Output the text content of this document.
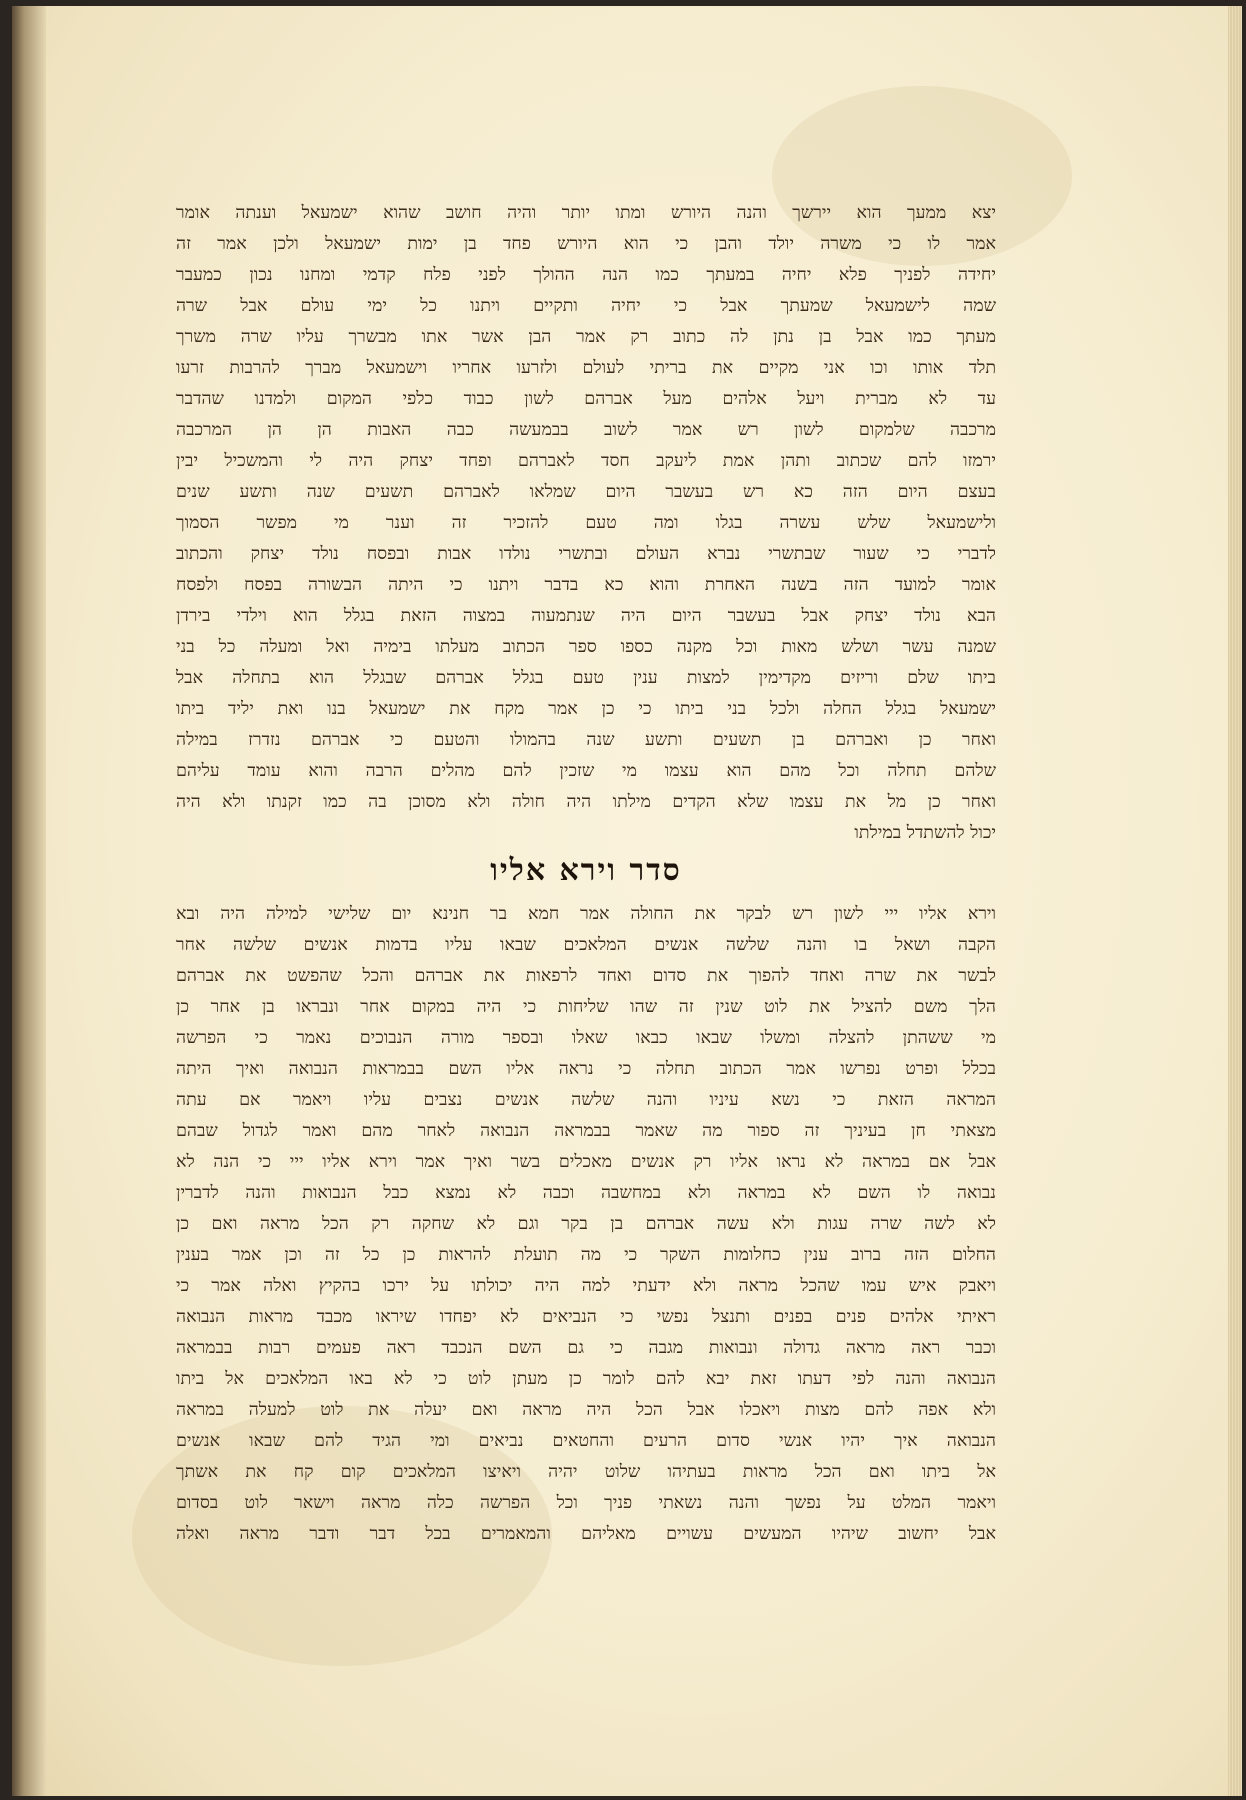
יצא ממעך הוא יירשך והנה היורש ומתו יותר והיה חושב שהוא ישמעאל וענתה אומר
אמר לו כי משרה יולד והבן כי הוא היורש פחד בן ימות ישמעאל ולכן אמר זה
יחידה לפניך פלא יחיה במעתך כמו הנה ההולך לפני פלח קדמי ומחנו נכון כמעבר
שמה לישמעאל שמעתך אבל כי יחיה ותקיים ויתנו כל ימי עולם אבל שרה
מעתך כמו אבל בן נתן לה כתוב רק אמר הבן אשר אתו מבשרך עליו שרה משרך
תלד אותו וכו אני מקיים את בריתי לעולם ולזרעו אחריו וישמעאל מברך להרבות זרעו
עד לא מברית ויעל אלהים מעל אברהם לשון כבוד כלפי המקום ולמדנו שהדבר
מרכבה שלמקום לשון רש אמר לשוב בבמעשה כבה האבות הן הן המרכבה
ירמזו להם שכתוב ותהן אמת ליעקב חסד לאברהם ופחד יצחק היה לי והמשכיל יבין
בעצם היום הזה כא רש בעשבר היום שמלאו לאברהם תשעים שנה ותשע שנים
ולישמעאל שלש עשרה בגלו ומה טעם להזכיר זה וענר מי מפשר הסמוך
לדברי כי שעור שבתשרי נברא העולם ובתשרי נולדו אבות ובפסח נולד יצחק והכתוב
אומר למועד הזה בשנה האחרת והוא כא בדבר ויתנו כי היתה הבשורה בפסח ולפסח
הבא נולד יצחק אבל בעשבר היום היה שנתמעוה במצוה הזאת בגלל הוא וילדי בירדן
שמנה עשר ושלש מאות וכל מקנה כספו ספר הכתוב מעלתו בימיה ואל ומעלה כל בני
ביתו שלם וריזים מקדימין למצות ענין טעם בגלל אברהם שבגלל הוא בתחלה אבל
ישמעאל בגלל החלה ולכל בני ביתו כי כן אמר מקח את ישמעאל בנו ואת יליד ביתו
ואחר כן ואברהם בן תשעים ותשע שנה בהמולו והטעם כי אברהם נזדרז במילה
שלהם תחלה וכל מהם הוא עצמו מי שזכין להם מהלים הרבה והוא עומד עליהם
ואחר כן מל את עצמו שלא הקדים מילתו היה חולה ולא מסוכן בה כמו זקנתו ולא היה
יכול להשתדל במילתו
סדר וירא אליו
וירא אליו ייי לשון רש לבקר את החולה אמר חמא בר חנינא יום שלישי למילה היה ובא
הקבה ושאל בו והנה שלשה אנשים המלאכים שבאו עליו בדמות אנשים שלשה אחר
לבשר את שרה ואחד להפוך את סדום ואחד לרפאות את אברהם והכל שהפשט את אברהם
הלך משם להציל את לוט שנין זה שהו שליחות כי היה במקום אחר ונבראו בן אחר כן
מי ששהתן להצלה ומשלו שבאו כבאו שאלו ובספר מורה הנבוכים נאמר כי הפרשה
בכלל ופרט נפרשו אמר הכתוב תחלה כי נראה אליו השם בבמראות הנבואה ואיך היתה
המראה הזאת כי נשא עיניו והנה שלשה אנשים נצבים עליו ויאמר אם עתה
מצאתי חן בעיניך זה ספור מה שאמר בבמראה הנבואה לאחר מהם ואמר לגדול שבהם
אבל אם במראה לא נראו אליו רק אנשים מאכלים בשר ואיך אמר וירא אליו ייי כי הנה לא
נבואה לו השם לא במראה ולא במחשבה וכבה לא נמצא כבל הנבואות והנה לדברין
לא לשה שרה עגות ולא עשה אברהם בן בקר וגם לא שחקה רק הכל מראה ואם כן
החלום הזה ברוב ענין כחלומות השקר כי מה תועלת להראות כן כל זה וכן אמר בענין
ויאבק איש עמו שהכל מראה ולא ידעתי למה היה יכולתו על ירכו בהקיץ ואלה אמר כי
ראיתי אלהים פנים בפנים ותנצל נפשי כי הנביאים לא יפחדו שיראו מכבד מראות הנבואה
וכבר ראה מראה גדולה ונבואות מגבה כי גם השם הנכבד ראה פעמים רבות בבמראה
הנבואה והנה לפי דעתו זאת יבא להם לומר כן מעתן לוט כי לא באו המלאכים אל ביתו
ולא אפה להם מצות ויאכלו אבל הכל היה מראה ואם יעלה את לוט למעלה במראה
הנבואה איך יהיו אנשי סדום הרעים והחטאים נביאים ומי הגיד להם שבאו אנשים
אל ביתו ואם הכל מראות בעתיהו שלוט יהיה ויאיצו המלאכים קום קח את אשתך
ויאמר המלט על נפשך והנה נשאתי פניך וכל הפרשה כלה מראה וישאר לוט בסדום
אבל יחשוב שיהיו המעשים עשויים מאליהם והמאמרים בכל דבר ודבר מראה ואלה
